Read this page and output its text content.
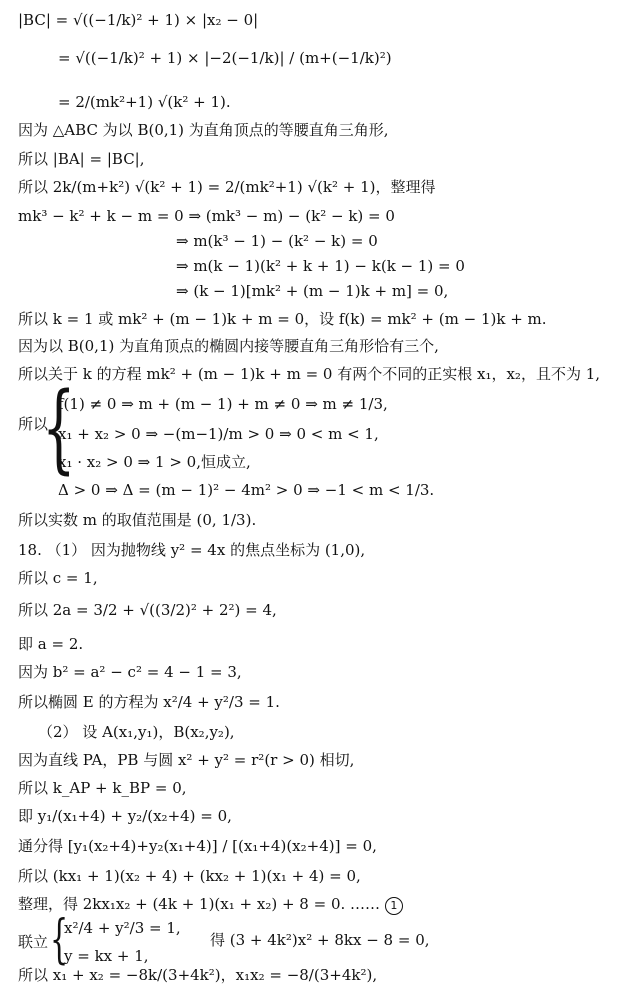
|BC| = √((−1/k)² + 1) × |x₂ − 0|
= √((−1/k)² + 1) × |−2(−1/k)| / (m+(−1/k)²)
= 2/(mk²+1) √(k² + 1).
因为 △ABC 为以 B(0,1) 为直角顶点的等腰直角三角形,
所以 |BA| = |BC|,
所以 2k/(m+k²) √(k² + 1) = 2/(mk²+1) √(k² + 1)，整理得
mk³ − k² + k − m = 0 ⇒ (mk³ − m) − (k² − k) = 0
⇒ m(k³ − 1) − (k² − k) = 0
⇒ m(k − 1)(k² + k + 1) − k(k − 1) = 0
⇒ (k − 1)[mk² + (m − 1)k + m] = 0,
所以 k = 1 或 mk² + (m − 1)k + m = 0，设 f(k) = mk² + (m − 1)k + m.
因为以 B(0,1) 为直角顶点的椭圆内接等腰直角三角形恰有三个,
所以关于 k 的方程 mk² + (m − 1)k + m = 0 有两个不同的正实根 x₁，x₂，且不为 1,
{
f(1) ≠ 0 ⇒ m + (m − 1) + m ≠ 0 ⇒ m ≠ 1/3,
所以
x₁ + x₂ > 0 ⇒ −(m−1)/m > 0 ⇒ 0 < m < 1,
x₁ · x₂ > 0 ⇒ 1 > 0,恒成立,
Δ > 0 ⇒ Δ = (m − 1)² − 4m² > 0 ⇒ −1 < m < 1/3.
所以实数 m 的取值范围是 (0, 1/3).
18. （1） 因为抛物线 y² = 4x 的焦点坐标为 (1,0),
所以 c = 1,
所以 2a = 3/2 + √((3/2)² + 2²) = 4,
即 a = 2.
因为 b² = a² − c² = 4 − 1 = 3,
所以椭圆 E 的方程为 x²/4 + y²/3 = 1.
（2） 设 A(x₁,y₁)，B(x₂,y₂),
因为直线 PA，PB 与圆 x² + y² = r²(r > 0) 相切,
所以 k_AP + k_BP = 0,
即 y₁/(x₁+4) + y₂/(x₂+4) = 0,
通分得 [y₁(x₂+4)+y₂(x₁+4)] / [(x₁+4)(x₂+4)] = 0,
所以 (kx₁ + 1)(x₂ + 4) + (kx₂ + 1)(x₁ + 4) = 0,
整理，得 2kx₁x₂ + (4k + 1)(x₁ + x₂) + 8 = 0. …… 1
{
x²/4 + y²/3 = 1,
联立	得 (3 + 4k²)x² + 8kx − 8 = 0,
y = kx + 1,
所以 x₁ + x₂ = −8k/(3+4k²)，x₁x₂ = −8/(3+4k²),
